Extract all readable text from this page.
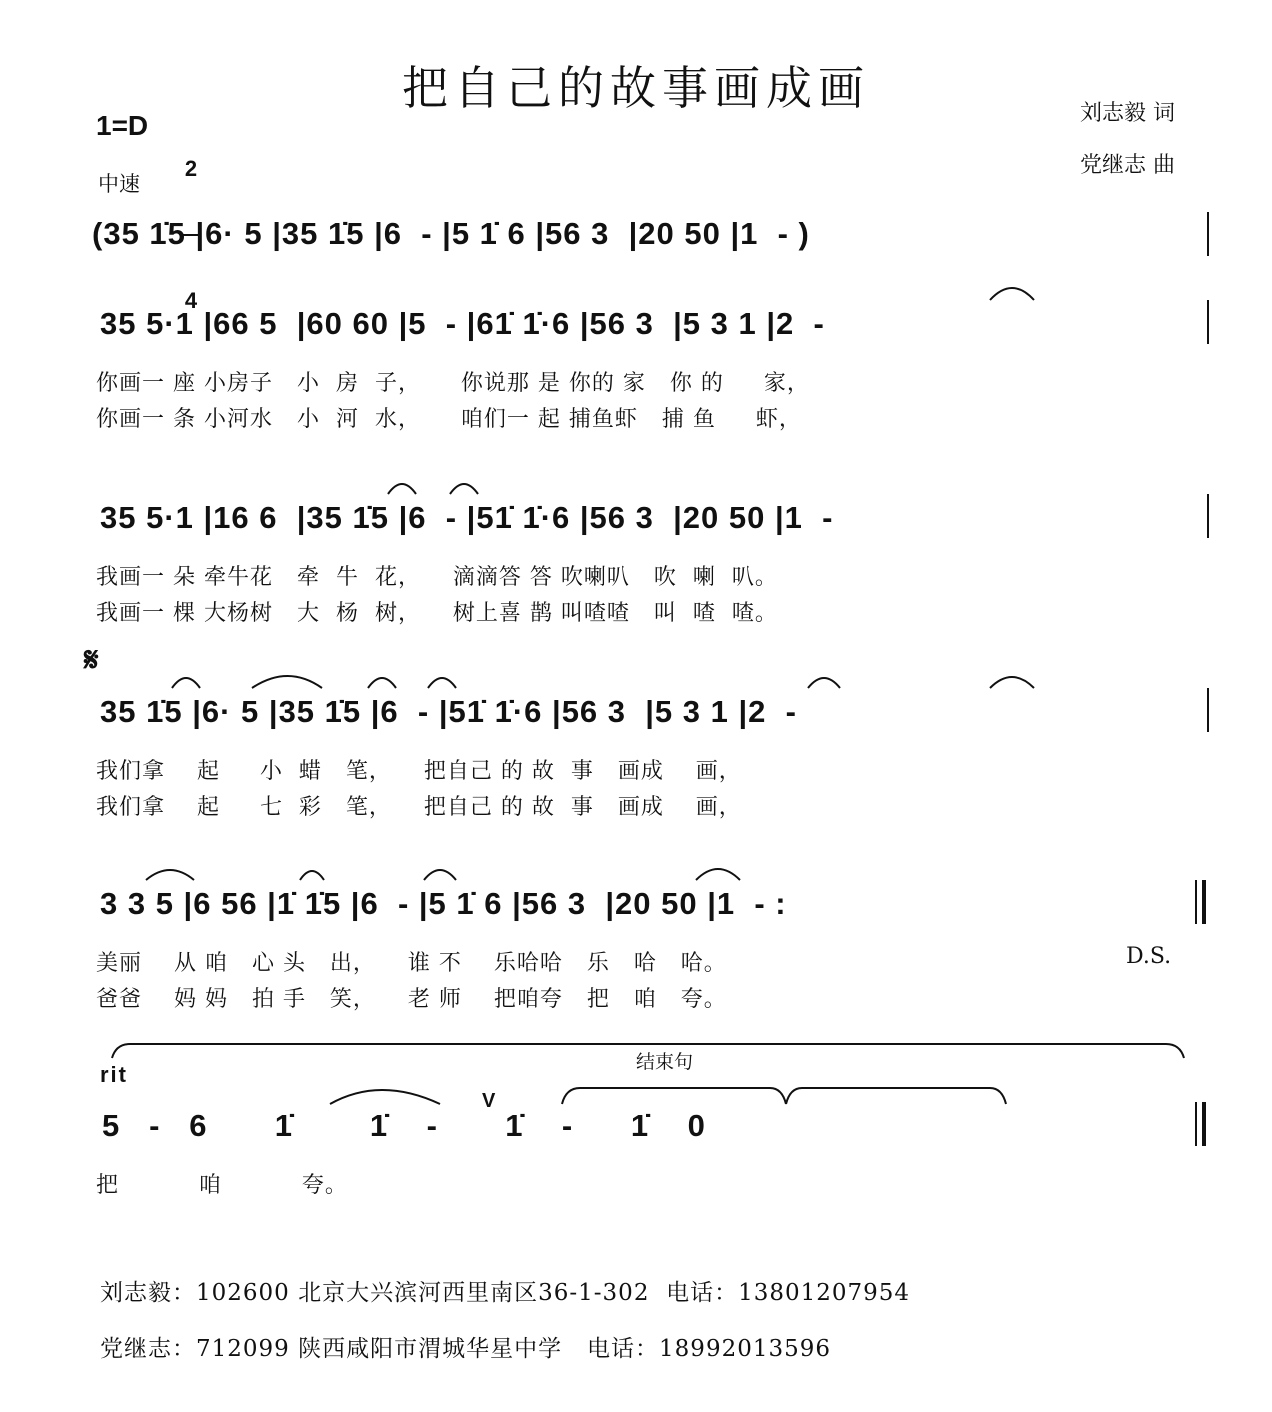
把自己的故事画成画	刘志毅 词
党继志 曲
1=D

2

4

中速
(35 1̇5 |6· 5 |35 1̇5 |6  - |5 1̇ 6 |56 3  |20 50 |1  - )
35 5·1 |66 5  |60 60 |5  - |61̇ 1̇·6 |56 3  |5 3 1 |2  -
你画一 座 小房子   小  房  子，     你说那 是 你的 家   你 的     家，
你画一 条 小河水   小  河  水，     咱们一 起 捕鱼虾   捕 鱼     虾，
35 5·1 |16 6  |35 1̇5 |6  - |51̇ 1̇·6 |56 3  |20 50 |1  -
我画一 朵 牵牛花   牵  牛  花，    滴滴答 答 吹喇叭   吹  喇  叭。
我画一 棵 大杨树   大  杨  树，    树上喜 鹊 叫喳喳   叫  喳  喳。
𝄋
35 1̇5 |6· 5 |35 1̇5 |6  - |51̇ 1̇·6 |56 3  |5 3 1 |2  -
我们拿    起     小  蜡   笔，    把自己 的 故  事   画成    画，
我们拿    起     七  彩   笔，    把自己 的 故  事   画成    画，
3 3 5 |6 56 |1̇ 1̇5 |6  - |5 1̇ 6 |56 3  |20 50 |1  - :
美丽    从 咱   心 头   出，    谁 不    乐哈哈   乐   哈   哈。
爸爸    妈 妈   拍 手   笑，    老 师    把咱夸   把   咱   夸。
D.S.
rit	结束句
V
5   -   6       1̇        1̇    -       1̇    -      1̇    0
把          咱          夸。
刘志毅：102600 北京大兴滨河西里南区36-1-302  电话：13801207954
党继志：712099 陕西咸阳市渭城华星中学   电话：18992013596
